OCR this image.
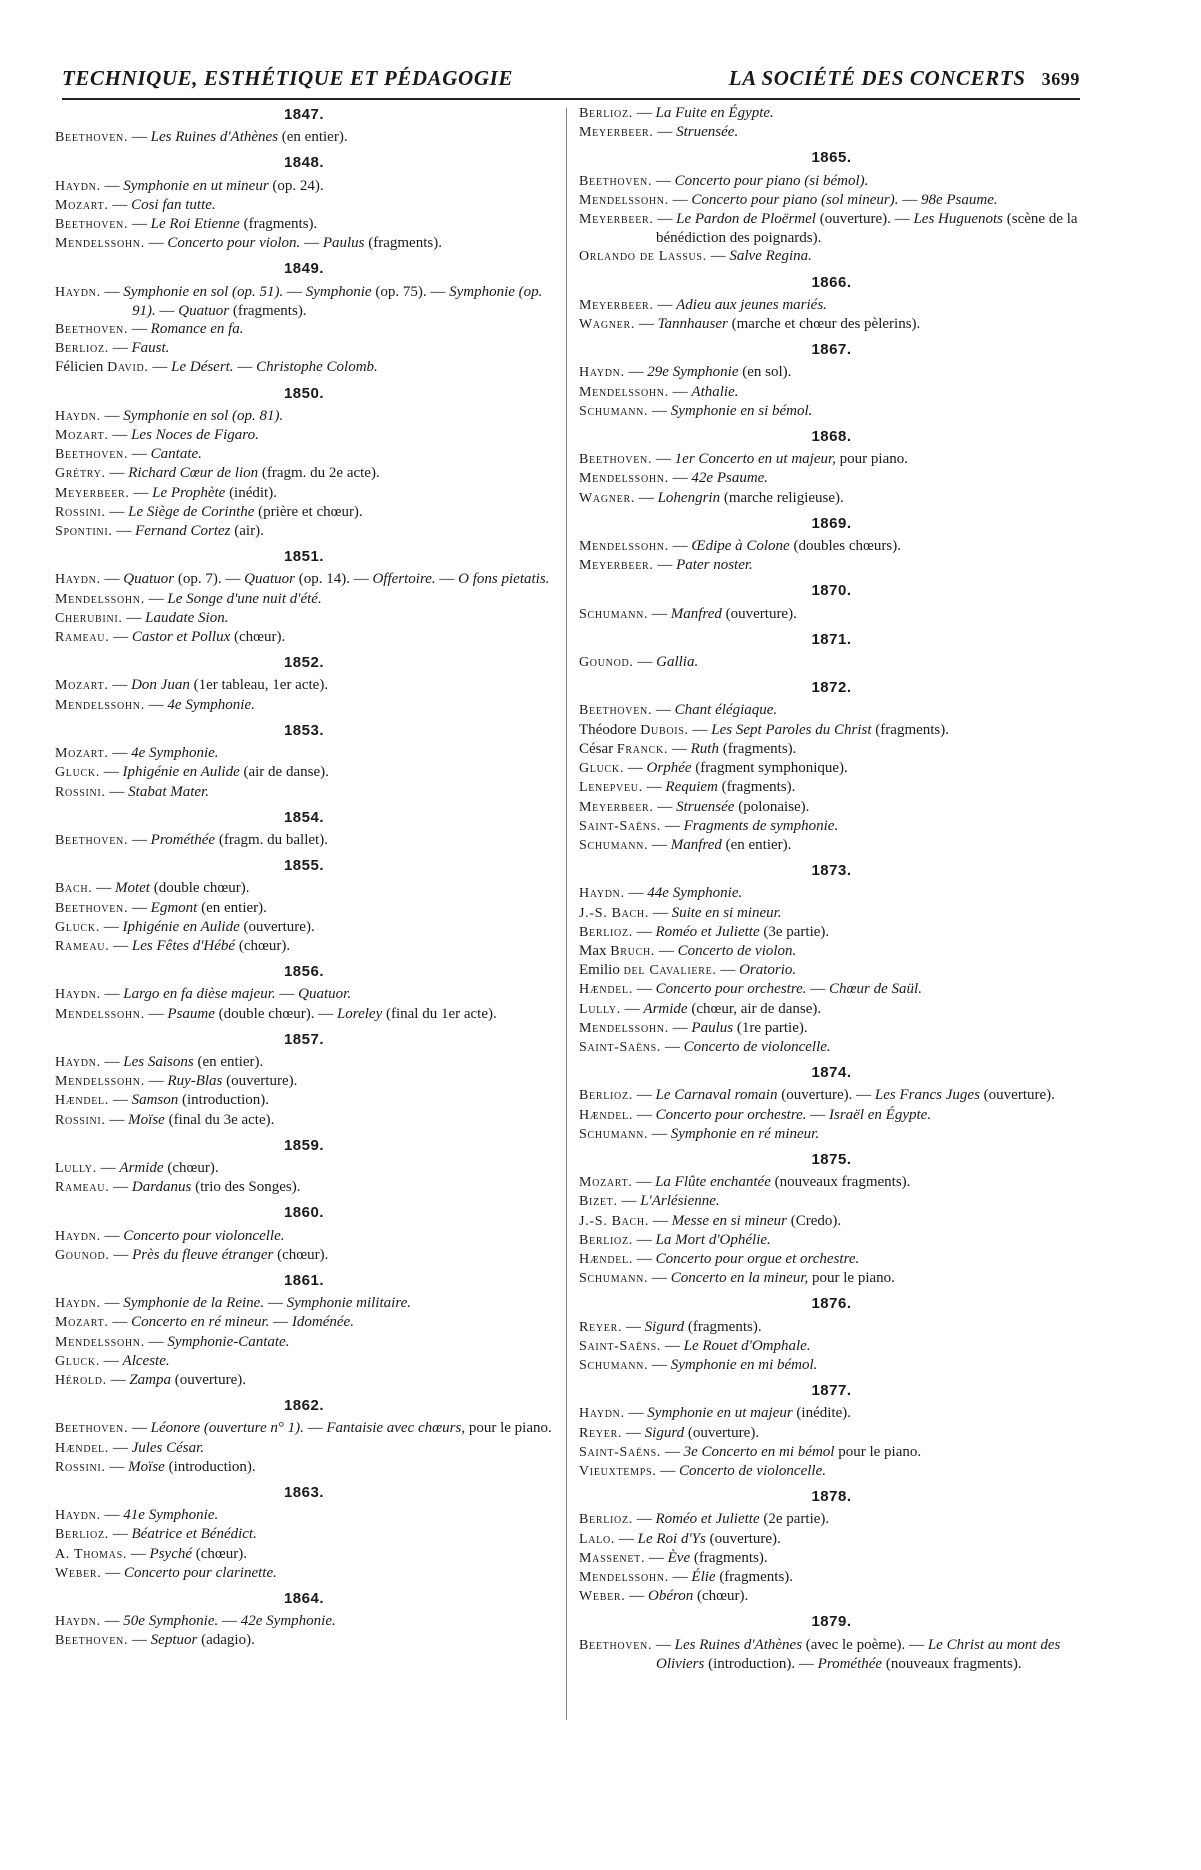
TECHNIQUE, ESTHÉTIQUE ET PÉDAGOGIE	LA SOCIÉTÉ DES CONCERTS 3699
1847.

Beethoven. — Les Ruines d'Athènes (en entier).

1848.

Haydn. — Symphonie en ut mineur (op. 24).

Mozart. — Cosi fan tutte.

Beethoven. — Le Roi Etienne (fragments).

Mendelssohn. — Concerto pour violon. — Paulus (fragments).

1849.

Haydn. — Symphonie en sol (op. 51). — Symphonie (op. 75). — Symphonie (op. 91). — Quatuor (fragments).

Beethoven. — Romance en fa.

Berlioz. — Faust.

Félicien David. — Le Désert. — Christophe Colomb.

1850.

Haydn. — Symphonie en sol (op. 81).

Mozart. — Les Noces de Figaro.

Beethoven. — Cantate.

Grétry. — Richard Cœur de lion (fragm. du 2e acte).

Meyerbeer. — Le Prophète (inédit).

Rossini. — Le Siège de Corinthe (prière et chœur).

Spontini. — Fernand Cortez (air).

1851.

Haydn. — Quatuor (op. 7). — Quatuor (op. 14). — Offertoire. — O fons pietatis.

Mendelssohn. — Le Songe d'une nuit d'été.

Cherubini. — Laudate Sion.

Rameau. — Castor et Pollux (chœur).

1852.

Mozart. — Don Juan (1er tableau, 1er acte).

Mendelssohn. — 4e Symphonie.

1853.

Mozart. — 4e Symphonie.

Gluck. — Iphigénie en Aulide (air de danse).

Rossini. — Stabat Mater.

1854.

Beethoven. — Prométhée (fragm. du ballet).

1855.

Bach. — Motet (double chœur).

Beethoven. — Egmont (en entier).

Gluck. — Iphigénie en Aulide (ouverture).

Rameau. — Les Fêtes d'Hébé (chœur).

1856.

Haydn. — Largo en fa dièse majeur. — Quatuor.

Mendelssohn. — Psaume (double chœur). — Loreley (final du 1er acte).

1857.

Haydn. — Les Saisons (en entier).

Mendelssohn. — Ruy-Blas (ouverture).

Hændel. — Samson (introduction).

Rossini. — Moïse (final du 3e acte).

1859.

Lully. — Armide (chœur).

Rameau. — Dardanus (trio des Songes).

1860.

Haydn. — Concerto pour violoncelle.

Gounod. — Près du fleuve étranger (chœur).

1861.

Haydn. — Symphonie de la Reine. — Symphonie militaire.

Mozart. — Concerto en ré mineur. — Idoménée.

Mendelssohn. — Symphonie-Cantate.

Gluck. — Alceste.

Hérold. — Zampa (ouverture).

1862.

Beethoven. — Léonore (ouverture n° 1). — Fantaisie avec chœurs, pour le piano.

Hændel. — Jules César.

Rossini. — Moïse (introduction).

1863.

Haydn. — 41e Symphonie.

Berlioz. — Béatrice et Bénédict.

A. Thomas. — Psyché (chœur).

Weber. — Concerto pour clarinette.

1864.

Haydn. — 50e Symphonie. — 42e Symphonie.

Beethoven. — Septuor (adagio).

Berlioz. — La Fuite en Égypte.

Meyerbeer. — Struensée.

1865.

Beethoven. — Concerto pour piano (si bémol).

Mendelssohn. — Concerto pour piano (sol mineur). — 98e Psaume.

Meyerbeer. — Le Pardon de Ploërmel (ouverture). — Les Huguenots (scène de la bénédiction des poignards).

Orlando de Lassus. — Salve Regina.

1866.

Meyerbeer. — Adieu aux jeunes mariés.

Wagner. — Tannhauser (marche et chœur des pèlerins).

1867.

Haydn. — 29e Symphonie (en sol).

Mendelssohn. — Athalie.

Schumann. — Symphonie en si bémol.

1868.

Beethoven. — 1er Concerto en ut majeur, pour piano.

Mendelssohn. — 42e Psaume.

Wagner. — Lohengrin (marche religieuse).

1869.

Mendelssohn. — Œdipe à Colone (doubles chœurs).

Meyerbeer. — Pater noster.

1870.

Schumann. — Manfred (ouverture).

1871.

Gounod. — Gallia.

1872.

Beethoven. — Chant élégiaque.

Théodore Dubois. — Les Sept Paroles du Christ (fragments).

César Franck. — Ruth (fragments).

Gluck. — Orphée (fragment symphonique).

Lenepveu. — Requiem (fragments).

Meyerbeer. — Struensée (polonaise).

Saint-Saëns. — Fragments de symphonie.

Schumann. — Manfred (en entier).

1873.

Haydn. — 44e Symphonie.

J.-S. Bach. — Suite en si mineur.

Berlioz. — Roméo et Juliette (3e partie).

Max Bruch. — Concerto de violon.

Emilio del Cavaliere. — Oratorio.

Hændel. — Concerto pour orchestre. — Chœur de Saül.

Lully. — Armide (chœur, air de danse).

Mendelssohn. — Paulus (1re partie).

Saint-Saëns. — Concerto de violoncelle.

1874.

Berlioz. — Le Carnaval romain (ouverture). — Les Francs Juges (ouverture).

Hændel. — Concerto pour orchestre. — Israël en Égypte.

Schumann. — Symphonie en ré mineur.

1875.

Mozart. — La Flûte enchantée (nouveaux fragments).

Bizet. — L'Arlésienne.

J.-S. Bach. — Messe en si mineur (Credo).

Berlioz. — La Mort d'Ophélie.

Hændel. — Concerto pour orgue et orchestre.

Schumann. — Concerto en la mineur, pour le piano.

1876.

Reyer. — Sigurd (fragments).

Saint-Saëns. — Le Rouet d'Omphale.

Schumann. — Symphonie en mi bémol.

1877.

Haydn. — Symphonie en ut majeur (inédite).

Reyer. — Sigurd (ouverture).

Saint-Saëns. — 3e Concerto en mi bémol pour le piano.

Vieuxtemps. — Concerto de violoncelle.

1878.

Berlioz. — Roméo et Juliette (2e partie).

Lalo. — Le Roi d'Ys (ouverture).

Massenet. — Ève (fragments).

Mendelssohn. — Élie (fragments).

Weber. — Obéron (chœur).

1879.

Beethoven. — Les Ruines d'Athènes (avec le poème). — Le Christ au mont des Oliviers (introduction). — Prométhée (nouveaux fragments).
